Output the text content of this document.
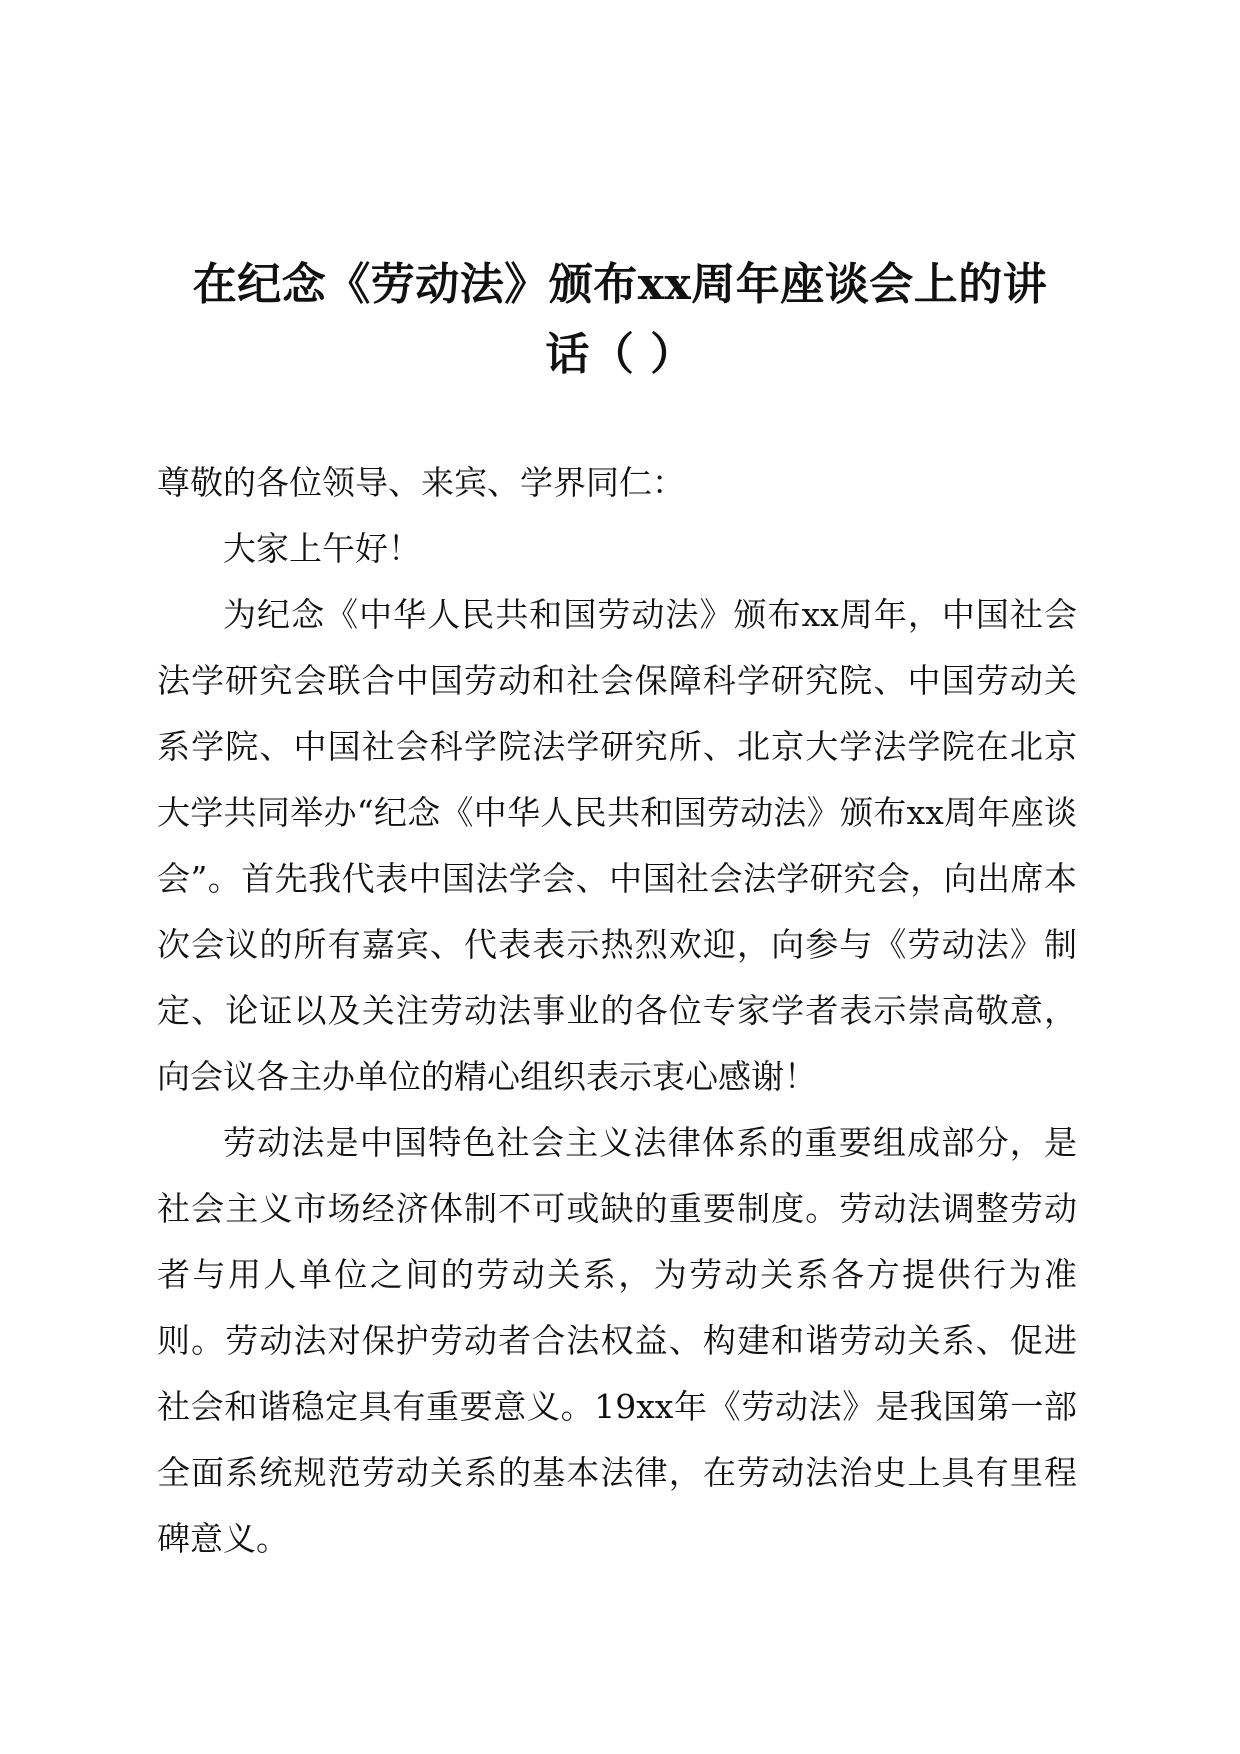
在纪念《劳动法》颁布xx周年座谈会上的讲
话（ ）

尊敬的各位领导、来宾、学界同仁：

大家上午好！

为纪念《中华人民共和国劳动法》颁布xx周年，中国社会法学研究会联合中国劳动和社会保障科学研究院、中国劳动关系学院、中国社会科学院法学研究所、北京大学法学院在北京大学共同举办“纪念《中华人民共和国劳动法》颁布xx周年座谈会”。首先我代表中国法学会、中国社会法学研究会，向出席本次会议的所有嘉宾、代表表示热烈欢迎，向参与《劳动法》制定、论证以及关注劳动法事业的各位专家学者表示崇高敬意，向会议各主办单位的精心组织表示衷心感谢！

劳动法是中国特色社会主义法律体系的重要组成部分，是社会主义市场经济体制不可或缺的重要制度。劳动法调整劳动者与用人单位之间的劳动关系，为劳动关系各方提供行为准则。劳动法对保护劳动者合法权益、构建和谐劳动关系、促进社会和谐稳定具有重要意义。19xx年《劳动法》是我国第一部全面系统规范劳动关系的基本法律，在劳动法治史上具有里程碑意义。
